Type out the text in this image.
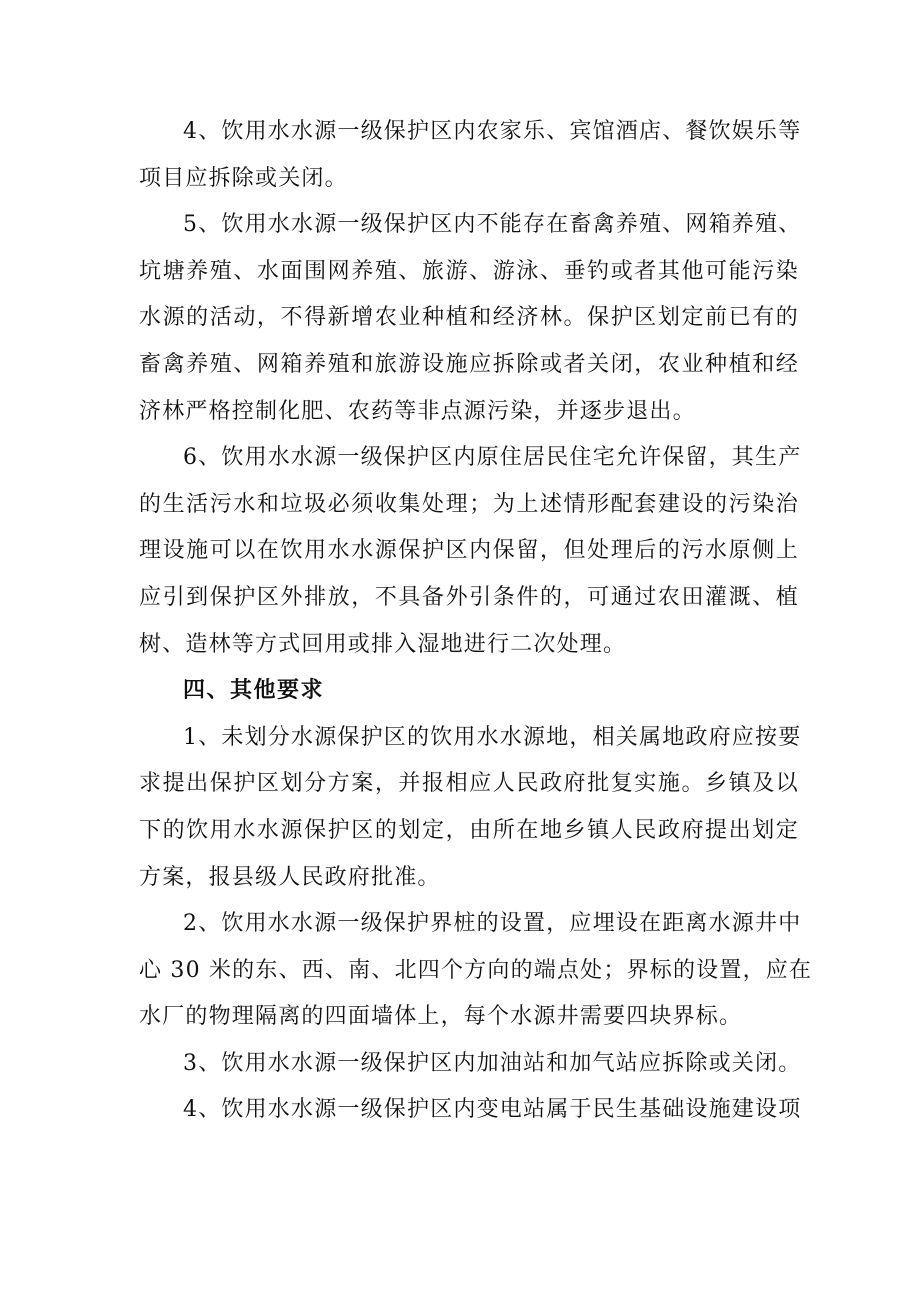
4、饮用水水源一级保护区内农家乐、宾馆酒店、餐饮娱乐等
项目应拆除或关闭。
5、饮用水水源一级保护区内不能存在畜禽养殖、网箱养殖、
坑塘养殖、水面围网养殖、旅游、游泳、垂钓或者其他可能污染
水源的活动，不得新增农业种植和经济林。保护区划定前已有的
畜禽养殖、网箱养殖和旅游设施应拆除或者关闭，农业种植和经
济林严格控制化肥、农药等非点源污染，并逐步退出。
6、饮用水水源一级保护区内原住居民住宅允许保留，其生产
的生活污水和垃圾必须收集处理；为上述情形配套建设的污染治
理设施可以在饮用水水源保护区内保留，但处理后的污水原侧上
应引到保护区外排放，不具备外引条件的，可通过农田灌溉、植
树、造林等方式回用或排入湿地进行二次处理。
四、其他要求
1、未划分水源保护区的饮用水水源地，相关属地政府应按要
求提出保护区划分方案，并报相应人民政府批复实施。乡镇及以
下的饮用水水源保护区的划定，由所在地乡镇人民政府提出划定
方案，报县级人民政府批准。
2、饮用水水源一级保护界桩的设置，应埋设在距离水源井中
心 30 米的东、西、南、北四个方向的端点处；界标的设置，应在
水厂的物理隔离的四面墙体上，每个水源井需要四块界标。
3、饮用水水源一级保护区内加油站和加气站应拆除或关闭。
4、饮用水水源一级保护区内变电站属于民生基础设施建设项
